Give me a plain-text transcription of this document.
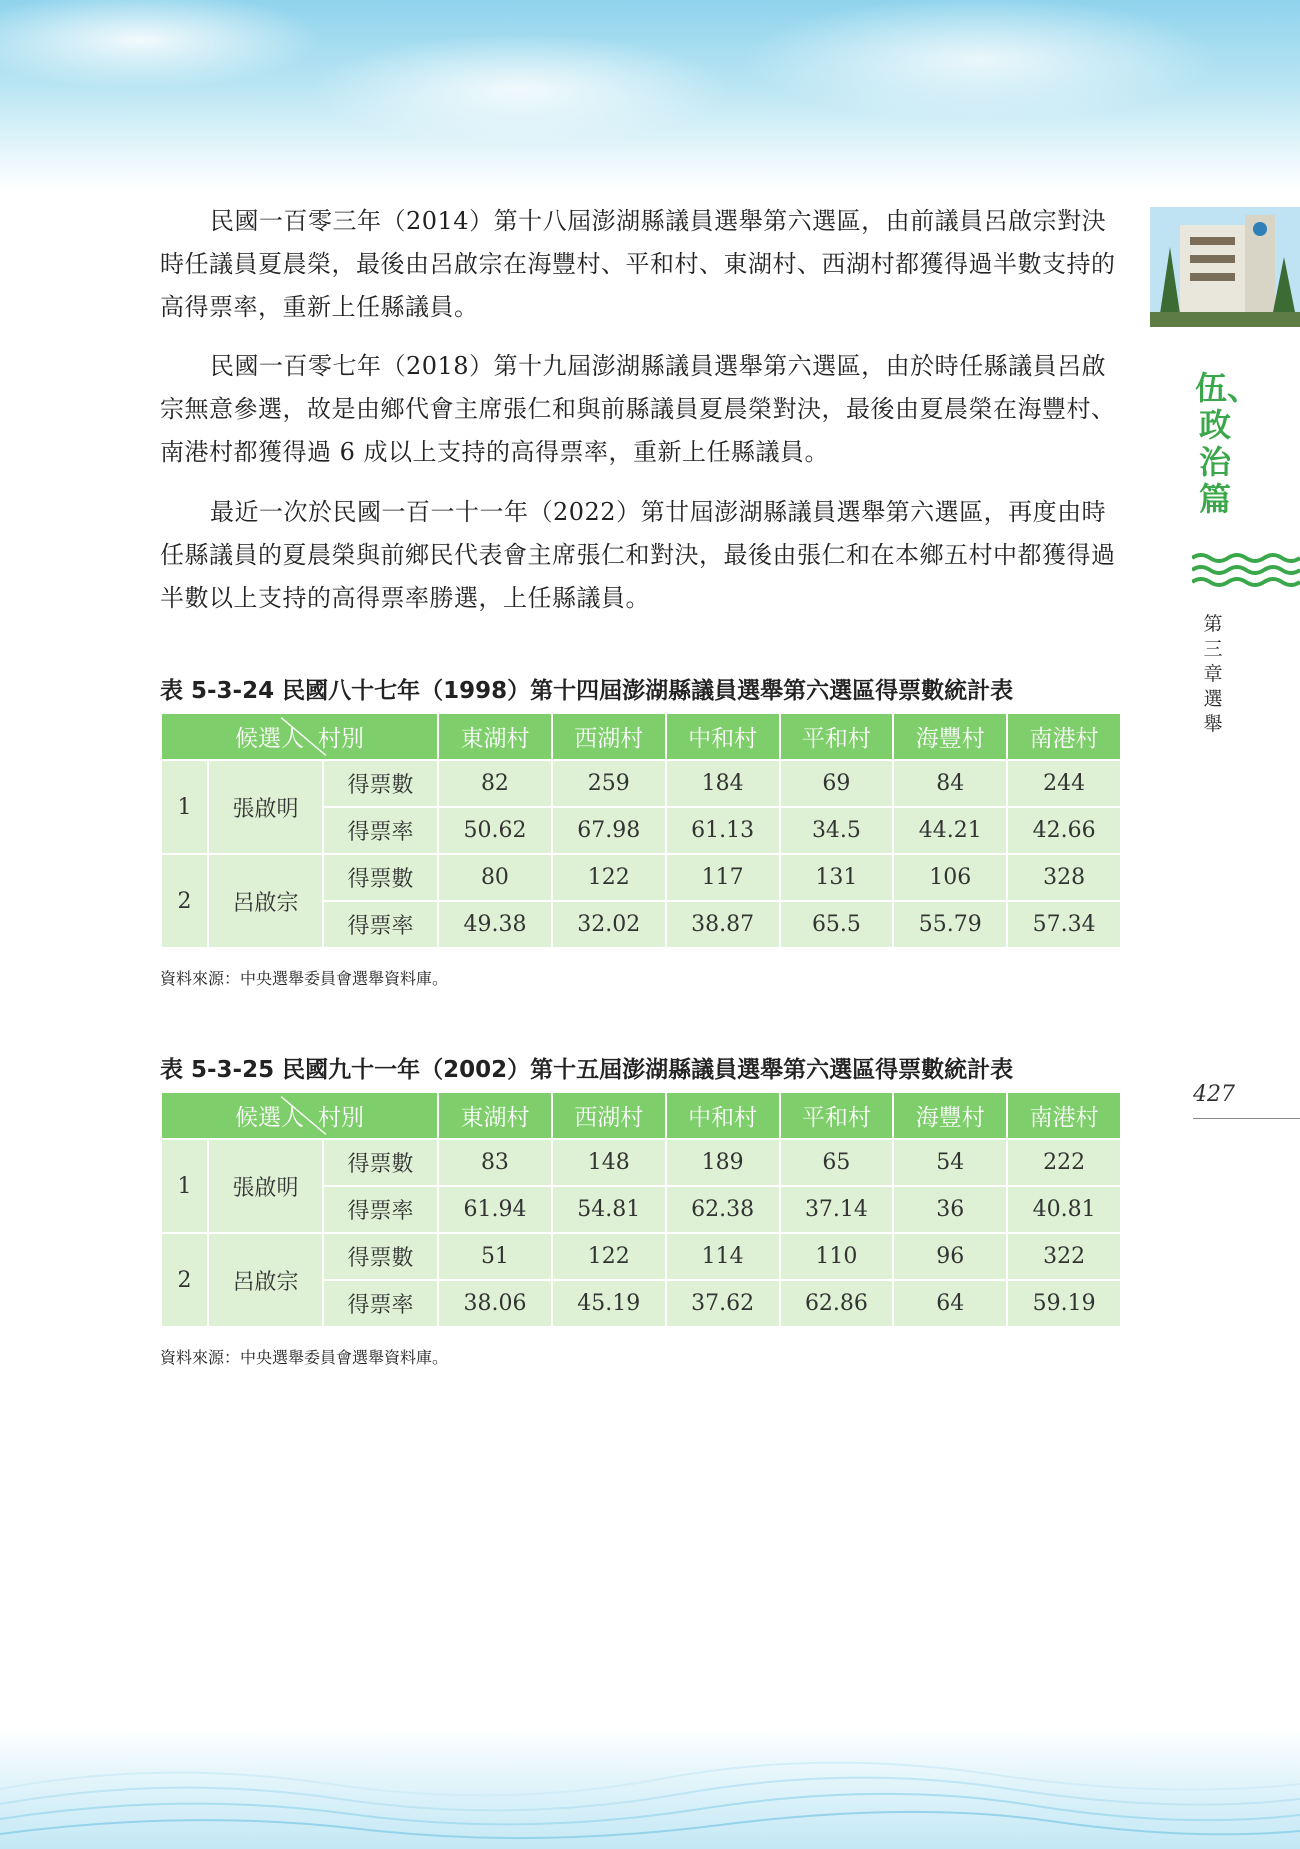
民國一百零三年（2014）第十八屆澎湖縣議員選舉第六選區，由前議員呂啟宗對決時任議員夏晨榮，最後由呂啟宗在海豐村、平和村、東湖村、西湖村都獲得過半數支持的高得票率，重新上任縣議員。

民國一百零七年（2018）第十九屆澎湖縣議員選舉第六選區，由於時任縣議員呂啟宗無意參選，故是由鄉代會主席張仁和與前縣議員夏晨榮對決，最後由夏晨榮在海豐村、南港村都獲得過 6 成以上支持的高得票率，重新上任縣議員。

最近一次於民國一百一十一年（2022）第廿屆澎湖縣議員選舉第六選區，再度由時任縣議員的夏晨榮與前鄉民代表會主席張仁和對決，最後由張仁和在本鄉五村中都獲得過半數以上支持的高得票率勝選，上任縣議員。

伍、政治篇
第三章 選舉
427

表 5-3-24 民國八十七年（1998）第十四屆澎湖縣議員選舉第六選區得票數統計表

候選人 村別			東湖村	西湖村	中和村	平和村	海豐村	南港村
1	張啟明	得票數	82	259	184	69	84	244
		得票率	50.62	67.98	61.13	34.5	44.21	42.66
2	呂啟宗	得票數	80	122	117	131	106	328
		得票率	49.38	32.02	38.87	65.5	55.79	57.34

資料來源：中央選舉委員會選舉資料庫。

表 5-3-25 民國九十一年（2002）第十五屆澎湖縣議員選舉第六選區得票數統計表

候選人 村別			東湖村	西湖村	中和村	平和村	海豐村	南港村
1	張啟明	得票數	83	148	189	65	54	222
		得票率	61.94	54.81	62.38	37.14	36	40.81
2	呂啟宗	得票數	51	122	114	110	96	322
		得票率	38.06	45.19	37.62	62.86	64	59.19

資料來源：中央選舉委員會選舉資料庫。
